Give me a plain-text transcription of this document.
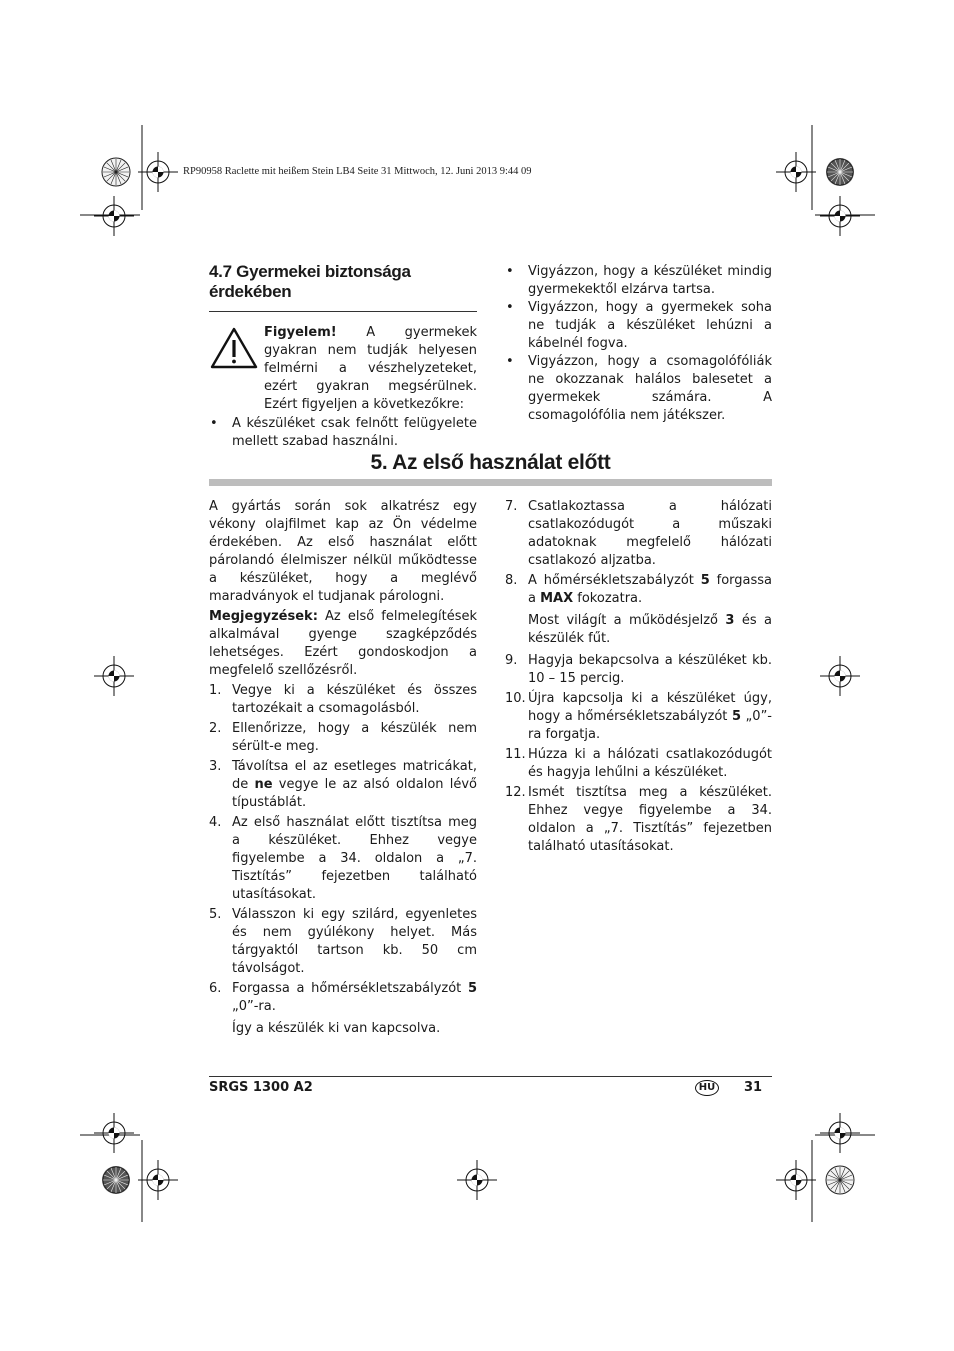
RP90958 Raclette mit heißem Stein LB4 Seite 31 Mittwoch, 12. Juni 2013 9:44 09
4.7 Gyermekei biztonsága érdekében
Figyelem! A gyermekek gyakran nem tudják helyesen felmérni a vészhelyzeteket, ezért gyakran megsérülnek. Ezért figyeljen a következőkre:
• A készüléket csak felnőtt felügyelete mellett szabad használni.
• Vigyázzon, hogy a készüléket mindig gyermekektől elzárva tartsa.
• Vigyázzon, hogy a gyermekek soha ne tudják a készüléket lehúzni a kábelnél fogva.
• Vigyázzon, hogy a csomagolófóliák ne okozzanak halálos balesetet a gyermekek számára. A csomagolófólia nem játékszer.
5. Az első használat előtt
A gyártás során sok alkatrész egy vékony olajfilmet kap az Ön védelme érdekében. Az első használat előtt párolandó élelmiszer nélkül működtesse a készüléket, hogy a meglévő maradványok el tudjanak párologni.
Megjegyzések: Az első felmelegítések alkalmával gyenge szagképződés lehetséges. Ezért gondoskodjon a megfelelő szellőzésről.
1. Vegye ki a készüléket és összes tartozékait a csomagolásból.
2. Ellenőrizze, hogy a készülék nem sérült-e meg.
3. Távolítsa el az esetleges matricákat, de ne vegye le az alsó oldalon lévő típustáblát.
4. Az első használat előtt tisztítsa meg a készüléket. Ehhez vegye figyelembe a 34. oldalon a „7. Tisztítás” fejezetben található utasításokat.
5. Válasszon ki egy szilárd, egyenletes és nem gyúlékony helyet. Más tárgyaktól tartson kb. 50 cm távolságot.
6. Forgassa a hőmérsékletszabályzót 5 „0”-ra.
Így a készülék ki van kapcsolva.
7. Csatlakoztassa a hálózati csatlakozódugót a műszaki adatoknak megfelelő hálózati csatlakozó aljzatba.
8. A hőmérsékletszabályzót 5 forgassa a MAX fokozatra.
Most világít a működésjelző 3 és a készülék fűt.
9. Hagyja bekapcsolva a készüléket kb. 10 – 15 percig.
10. Újra kapcsolja ki a készüléket úgy, hogy a hőmérsékletszabályzót 5 „0”-ra forgatja.
11. Húzza ki a hálózati csatlakozódugót és hagyja lehűlni a készüléket.
12. Ismét tisztítsa meg a készüléket. Ehhez vegye figyelembe a 34. oldalon a „7. Tisztítás” fejezetben található utasításokat.
SRGS 1300 A2	HU 31
